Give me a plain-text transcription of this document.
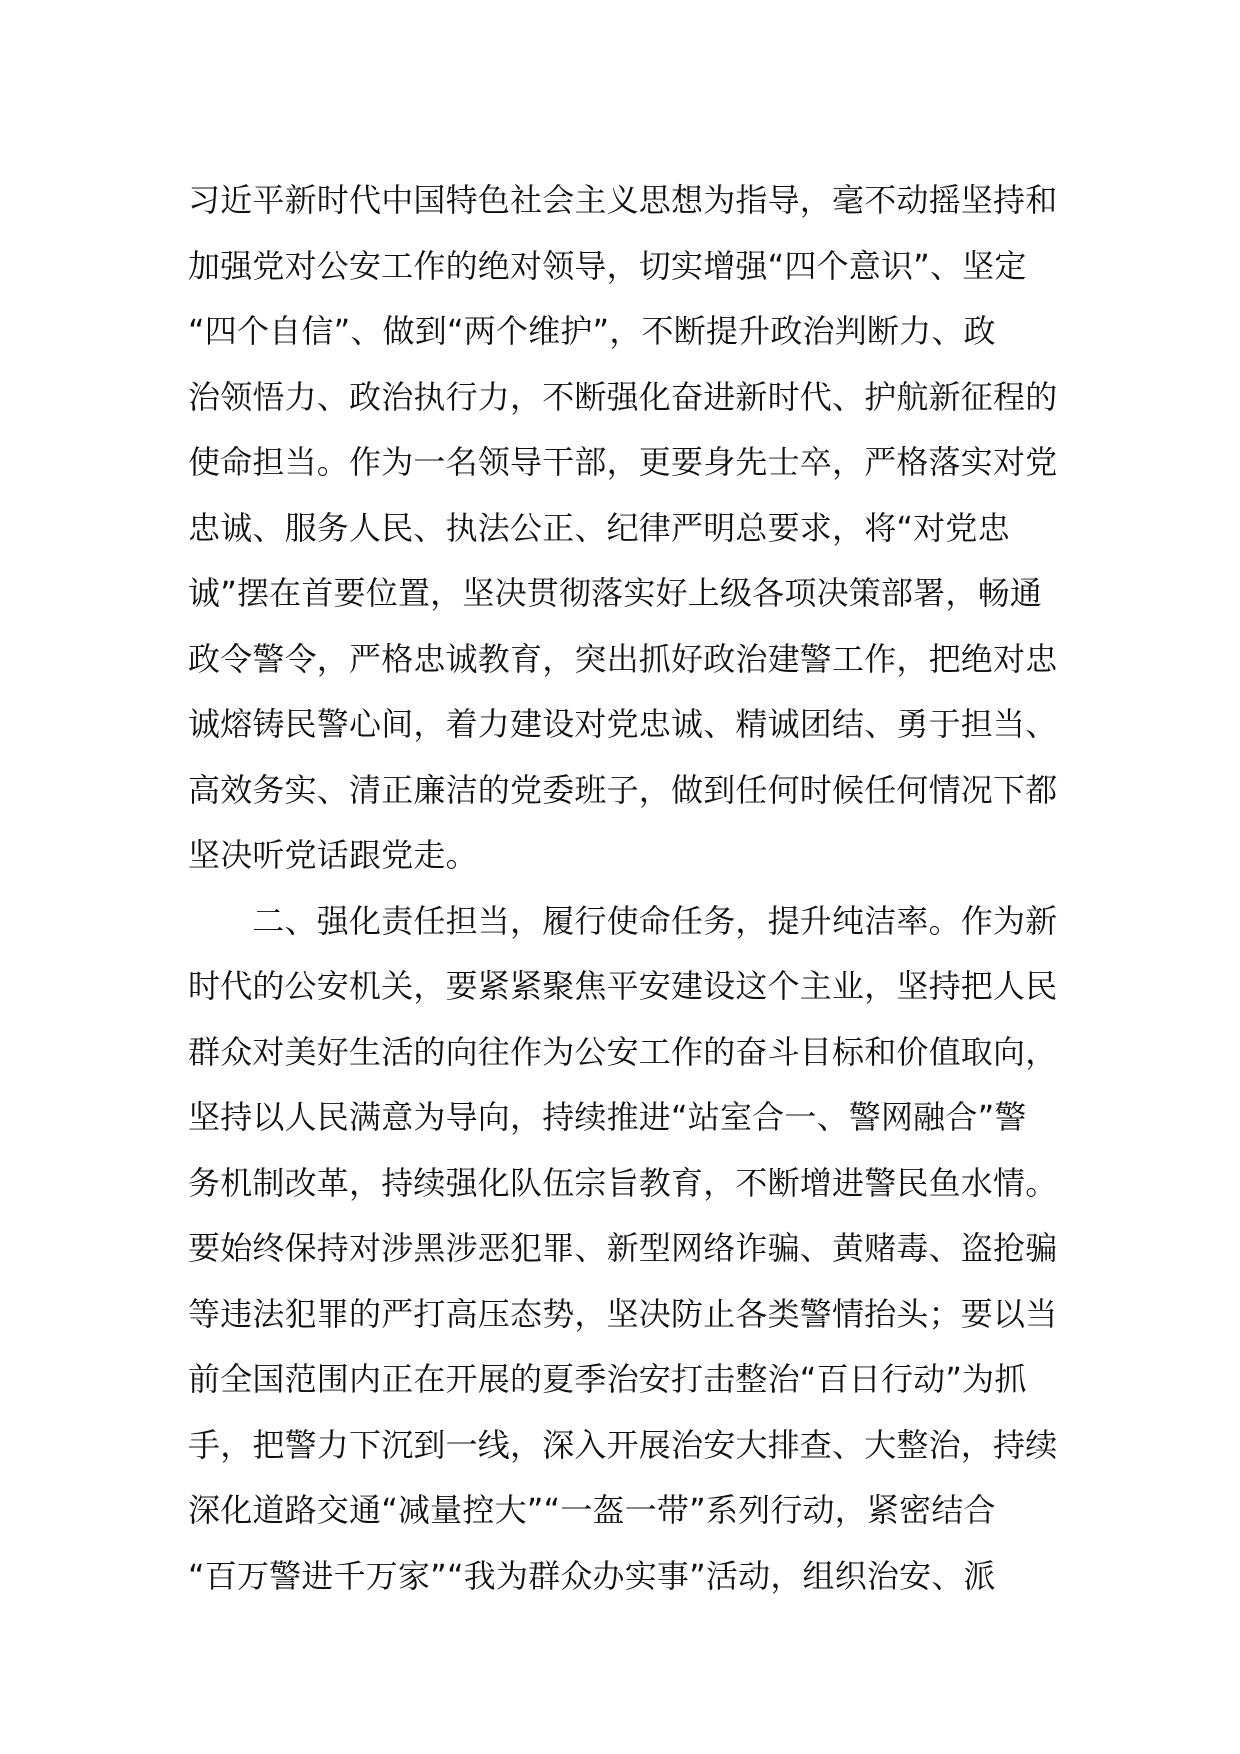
习近平新时代中国特色社会主义思想为指导，毫不动摇坚持和
加强党对公安工作的绝对领导，切实增强“四个意识”、坚定
“四个自信”、做到“两个维护”，不断提升政治判断力、政
治领悟力、政治执行力，不断强化奋进新时代、护航新征程的
使命担当。作为一名领导干部，更要身先士卒，严格落实对党
忠诚、服务人民、执法公正、纪律严明总要求，将“对党忠
诚”摆在首要位置，坚决贯彻落实好上级各项决策部署，畅通
政令警令，严格忠诚教育，突出抓好政治建警工作，把绝对忠
诚熔铸民警心间，着力建设对党忠诚、精诚团结、勇于担当、
高效务实、清正廉洁的党委班子，做到任何时候任何情况下都
坚决听党话跟党走。
　　二、强化责任担当，履行使命任务，提升纯洁率。作为新
时代的公安机关，要紧紧聚焦平安建设这个主业，坚持把人民
群众对美好生活的向往作为公安工作的奋斗目标和价值取向，
坚持以人民满意为导向，持续推进“站室合一、警网融合”警
务机制改革，持续强化队伍宗旨教育，不断增进警民鱼水情。
要始终保持对涉黑涉恶犯罪、新型网络诈骗、黄赌毒、盗抢骗
等违法犯罪的严打高压态势，坚决防止各类警情抬头；要以当
前全国范围内正在开展的夏季治安打击整治“百日行动”为抓
手，把警力下沉到一线，深入开展治安大排查、大整治，持续
深化道路交通“减量控大”“一盔一带”系列行动，紧密结合
“百万警进千万家”“我为群众办实事”活动，组织治安、派
